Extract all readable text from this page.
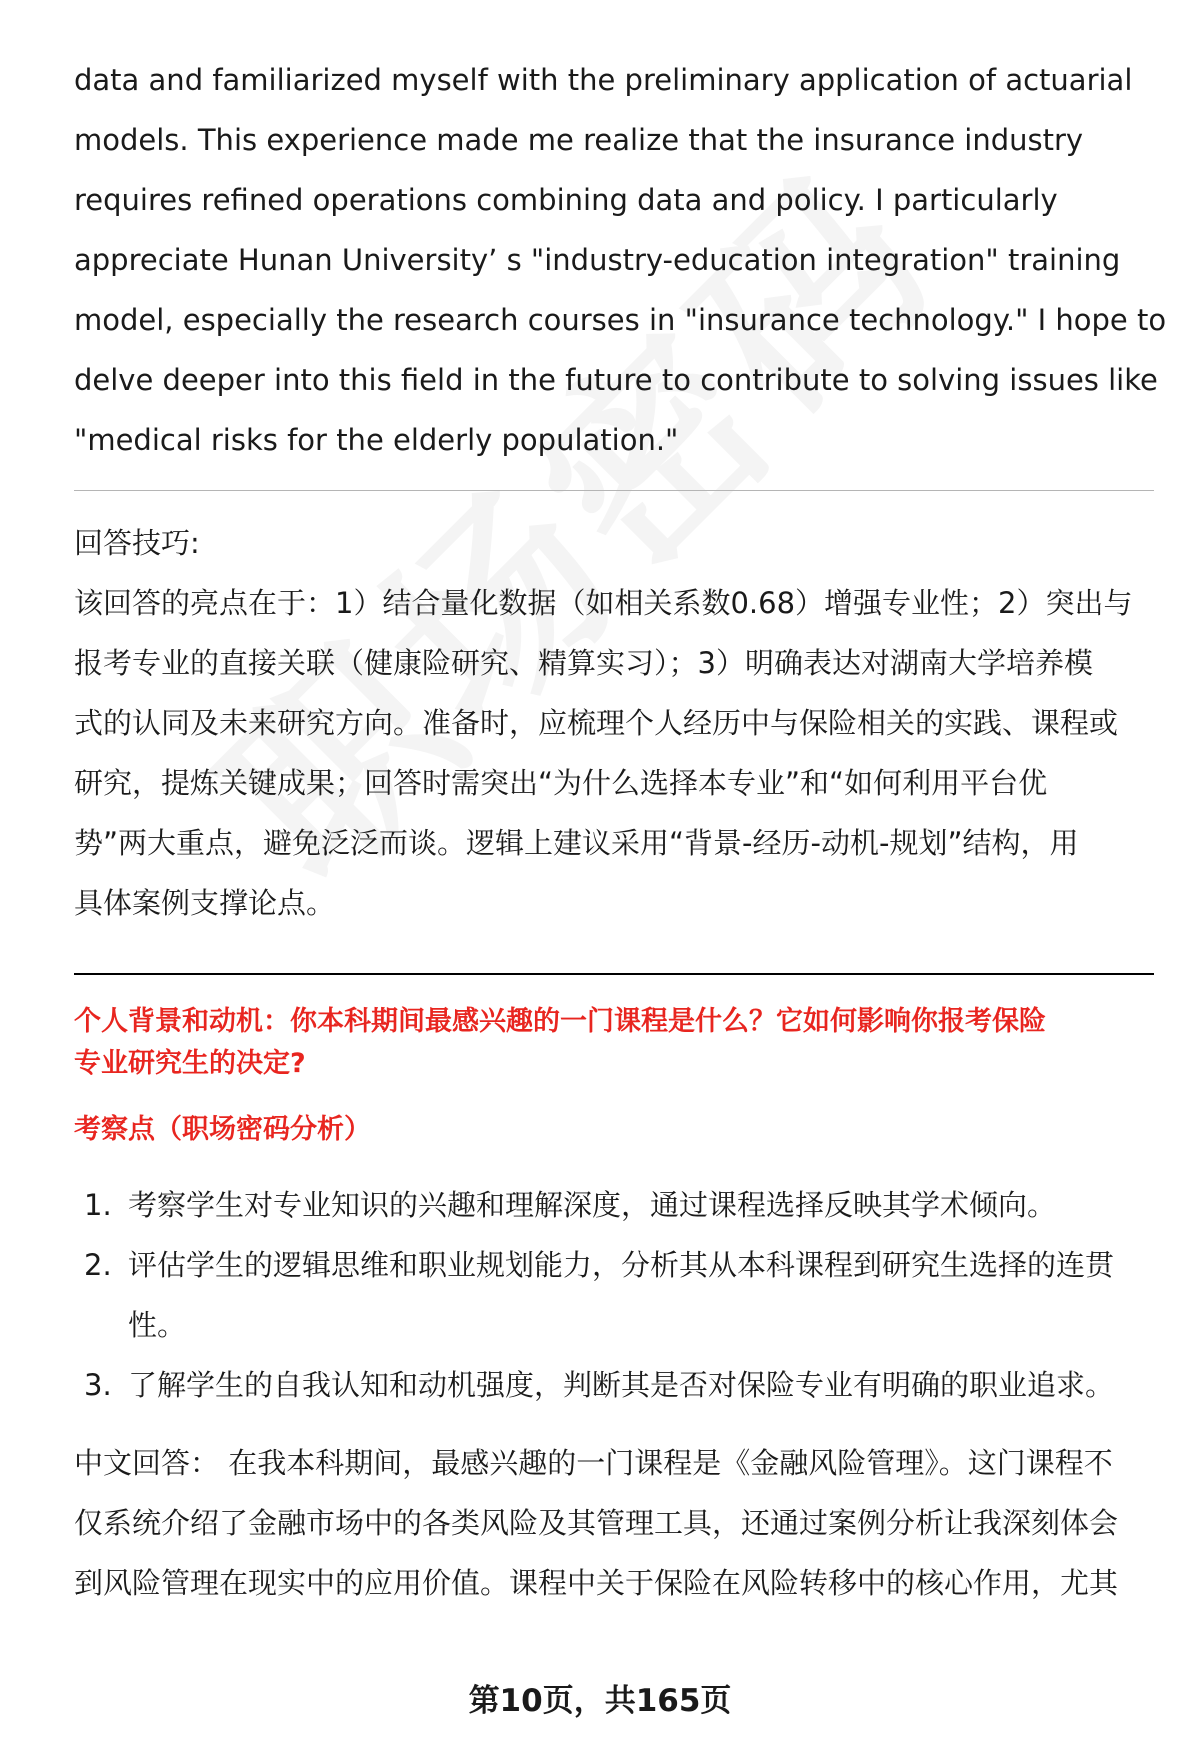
data and familiarized myself with the preliminary application of actuarial
models. This experience made me realize that the insurance industry
requires refined operations combining data and policy. I particularly
appreciate Hunan University’ s "industry-education integration" training
model, especially the research courses in "insurance technology." I hope to
delve deeper into this field in the future to contribute to solving issues like
"medical risks for the elderly population."
回答技巧:
该回答的亮点在于：1）结合量化数据（如相关系数0.68）增强专业性；2）突出与
报考专业的直接关联（健康险研究、精算实习）；3）明确表达对湖南大学培养模
式的认同及未来研究方向。准备时，应梳理个人经历中与保险相关的实践、课程或
研究，提炼关键成果；回答时需突出“为什么选择本专业”和“如何利用平台优
势”两大重点，避免泛泛而谈。逻辑上建议采用“背景-经历-动机-规划”结构，用
具体案例支撑论点。
个人背景和动机：你本科期间最感兴趣的一门课程是什么？它如何影响你报考保险
专业研究生的决定?
考察点（职场密码分析）
1. 考察学生对专业知识的兴趣和理解深度，通过课程选择反映其学术倾向。
2. 评估学生的逻辑思维和职业规划能力，分析其从本科课程到研究生选择的连贯
性。
3. 了解学生的自我认知和动机强度，判断其是否对保险专业有明确的职业追求。
中文回答： 在我本科期间，最感兴趣的一门课程是《金融风险管理》。这门课程不
仅系统介绍了金融市场中的各类风险及其管理工具，还通过案例分析让我深刻体会
到风险管理在现实中的应用价值。课程中关于保险在风险转移中的核心作用，尤其
第10页，共165页
